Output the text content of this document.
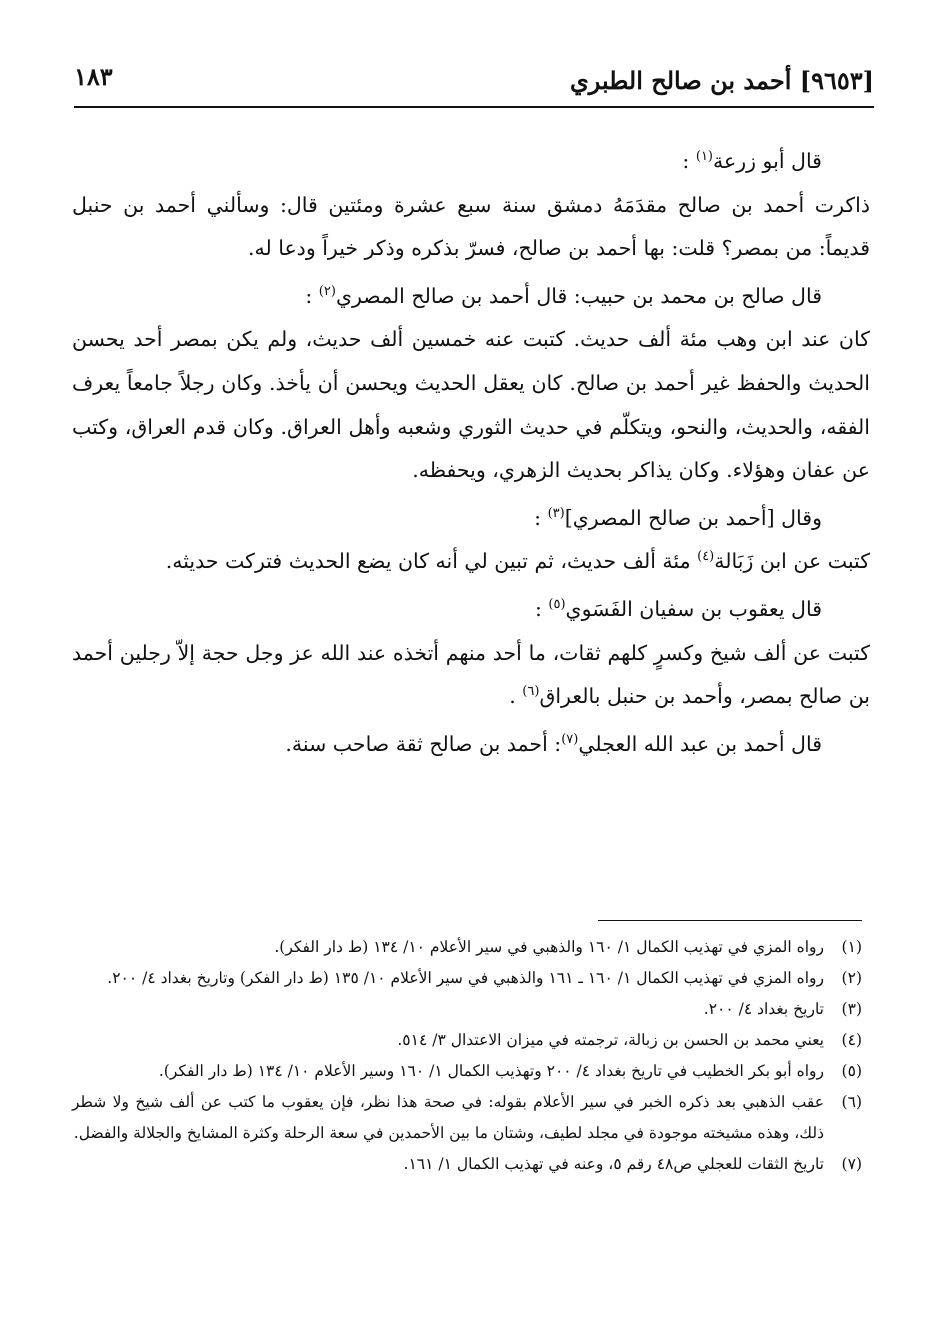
[٩٦٥٣] أحمد بن صالح الطبري
١٨٣

قال أبو زرعة$^{(١)}$ :

ذاكرت أحمد بن صالح مقدَمَهُ دمشق سنة سبع عشرة ومئتين قال: وسألني أحمد بن حنبل قديماً: من بمصر؟ قلت: بها أحمد بن صالح، فسرّ بذكره وذكر خيراً ودعا له.

قال صالح بن محمد بن حبيب: قال أحمد بن صالح المصري$^{(٢)}$ :

كان عند ابن وهب مئة ألف حديث. كتبت عنه خمسين ألف حديث، ولم يكن بمصر أحد يحسن الحديث والحفظ غير أحمد بن صالح. كان يعقل الحديث ويحسن أن يأخذ. وكان رجلاً جامعاً يعرف الفقه، والحديث، والنحو، ويتكلّم في حديث الثوري وشعبه وأهل العراق. وكان قدم العراق، وكتب عن عفان وهؤلاء. وكان يذاكر بحديث الزهري، ويحفظه.

وقال [أحمد بن صالح المصري]$^{(٣)}$ :

كتبت عن ابن زَبَالة$^{(٤)}$ مئة ألف حديث، ثم تبين لي أنه كان يضع الحديث فتركت حديثه.

قال يعقوب بن سفيان الفَسَوي$^{(٥)}$ :

كتبت عن ألف شيخ وكسرٍ كلهم ثقات، ما أحد منهم أتخذه عند الله عز وجل حجة إلاّ رجلين أحمد بن صالح بمصر، وأحمد بن حنبل بالعراق$^{(٦)}$ .

قال أحمد بن عبد الله العجلي$^{(٧)}$: أحمد بن صالح ثقة صاحب سنة.

(١)
رواه المزي في تهذيب الكمال ١/ ١٦٠ والذهبي في سير الأعلام ١٠/ ١٣٤ (ط دار الفكر).
(٢)
رواه المزي في تهذيب الكمال ١/ ١٦٠ ـ ١٦١ والذهبي في سير الأعلام ١٠/ ١٣٥ (ط دار الفكر) وتاريخ بغداد ٤/ ٢٠٠.
(٣)
تاريخ بغداد ٤/ ٢٠٠.
(٤)
يعني محمد بن الحسن بن زبالة، ترجمته في ميزان الاعتدال ٣/ ٥١٤.
(٥)
رواه أبو بكر الخطيب في تاريخ بغداد ٤/ ٢٠٠ وتهذيب الكمال ١/ ١٦٠ وسير الأعلام ١٠/ ١٣٤ (ط دار الفكر).
(٦)
عقب الذهبي بعد ذكره الخبر في سير الأعلام بقوله: في صحة هذا نظر، فإن يعقوب ما كتب عن ألف شيخ ولا شطر ذلك، وهذه مشيخته موجودة في مجلد لطيف، وشتان ما بين الأحمدين في سعة الرحلة وكثرة المشايخ والجلالة والفضل.
(٧)
تاريخ الثقات للعجلي ص٤٨ رقم ٥، وعنه في تهذيب الكمال ١/ ١٦١.
